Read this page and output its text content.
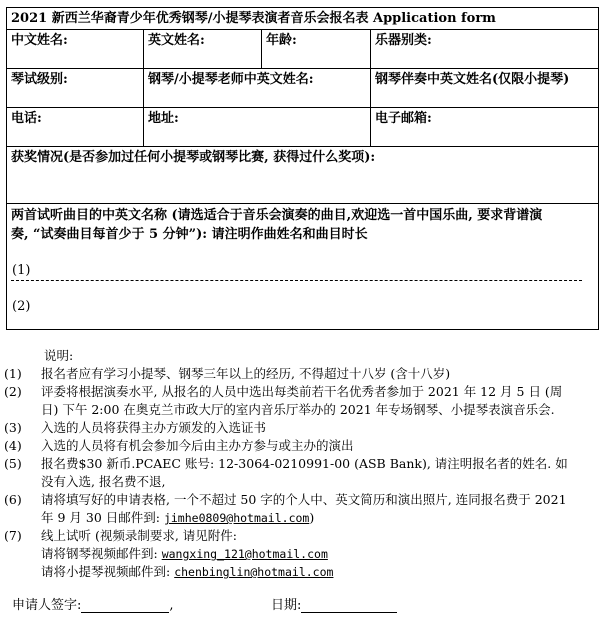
2021 新西兰华裔青少年优秀钢琴/小提琴表演者音乐会报名表 Application form			
中文姓名:	英文姓名:	年龄:	乐器别类:
琴试级别:	钢琴/小提琴老师中英文姓名:		钢琴伴奏中英文姓名(仅限小提琴)
电话:	地址:		电子邮箱:
获奖情况(是否参加过任何小提琴或钢琴比赛, 获得过什么奖项):			

两首试听曲目的中英文名称 (请选适合于音乐会演奏的曲目,欢迎选一首中国乐曲, 要求背谱演
奏, “试奏曲目每首少于 5 分钟”): 请注明作曲姓名和曲目时长
(1)
(2)			
说明:
(1)	报名者应有学习小提琴、钢琴三年以上的经历, 不得超过十八岁 (含十八岁)
(2)	评委将根据演奏水平, 从报名的人员中选出每类前若干名优秀者参加于 2021 年 12 月 5 日 (周
日) 下午 2:00 在奥克兰市政大厅的室内音乐厅举办的 2021 年专场钢琴、小提琴表演音乐会.
(3)	入选的人员将获得主办方颁发的入选证书
(4)	入选的人员将有机会参加今后由主办方参与或主办的演出
(5)	报名费$30 新币.PCAEC 账号: 12-3064-0210991-00 (ASB Bank), 请注明报名者的姓名. 如
没有入选, 报名费不退,
(6)	请将填写好的申请表格, 一个不超过 50 字的个人中、英文简历和演出照片, 连同报名费于 2021
年 9 月 30 日邮件到: jimhe0809@hotmail.com)
(7)	线上试听 (视频录制要求, 请见附件:
请将钢琴视频邮件到: wangxing_121@hotmail.com
请将小提琴视频邮件到: chenbinglin@hotmail.com
申请人签字:	,	日期:
